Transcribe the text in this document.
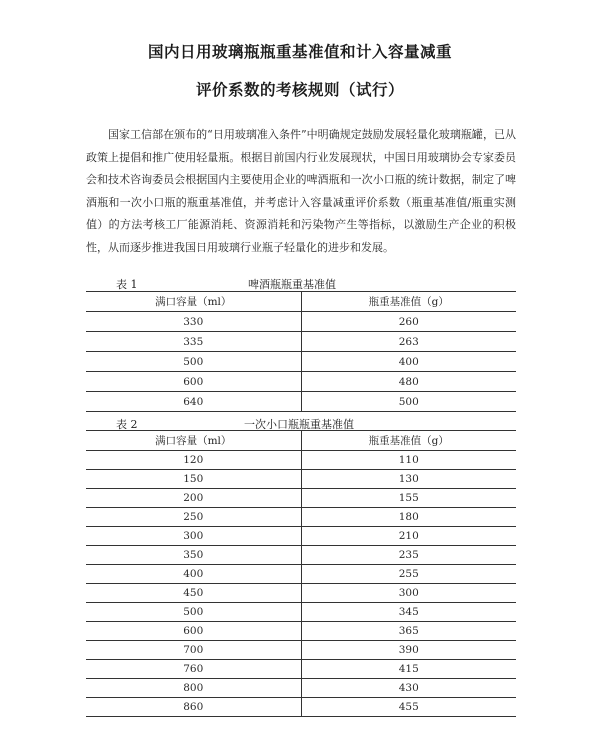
国内日用玻璃瓶瓶重基准值和计入容量减重
评价系数的考核规则（试行）
国家工信部在颁布的“日用玻璃准入条件”中明确规定鼓励发展轻量化玻璃瓶罐，已从政策上提倡和推广使用轻量瓶。根据目前国内行业发展现状，中国日用玻璃协会专家委员会和技术咨询委员会根据国内主要使用企业的啤酒瓶和一次小口瓶的统计数据，制定了啤酒瓶和一次小口瓶的瓶重基准值，并考虑计入容量减重评价系数（瓶重基准值/瓶重实测值）的方法考核工厂能源消耗、资源消耗和污染物产生等指标，以激励生产企业的积极性，从而逐步推进我国日用玻璃行业瓶子轻量化的进步和发展。
表 1	啤酒瓶瓶重基准值
满口容量（ml）	瓶重基准值（g）
330	260
335	263
500	400
600	480
640	500
表 2	一次小口瓶瓶重基准值
满口容量（ml）	瓶重基准值（g）
120	110
150	130
200	155
250	180
300	210
350	235
400	255
450	300
500	345
600	365
700	390
760	415
800	430
860	455
